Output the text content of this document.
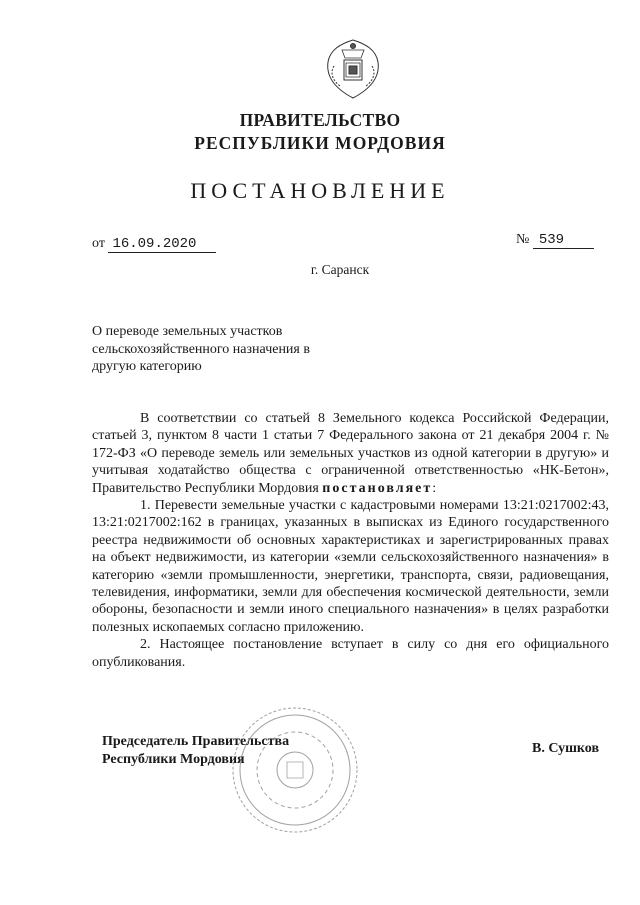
ПРАВИТЕЛЬСТВО
РЕСПУБЛИКИ МОРДОВИЯ
ПОСТАНОВЛЕНИЕ
от 16.09.2020	№ 539
г. Саранск
О переводе земельных участков
сельскохозяйственного назначения в
другую категорию

В соответствии со статьей 8 Земельного кодекса Российской Федерации, статьей 3, пунктом 8 части 1 статьи 7 Федерального закона от 21 декабря 2004 г. № 172-ФЗ «О переводе земель или земельных участков из одной категории в другую» и учитывая ходатайство общества с ограниченной ответственностью «НК-Бетон», Правительство Республики Мордовия постановляет:

1. Перевести земельные участки с кадастровыми номерами 13:21:0217002:43, 13:21:0217002:162 в границах, указанных в выписках из Единого государственного реестра недвижимости об основных характеристиках и зарегистрированных правах на объект недвижимости, из категории «земли сельскохозяйственного назначения» в категорию «земли промышленности, энергетики, транспорта, связи, радиовещания, телевидения, информатики, земли для обеспечения космической деятельности, земли обороны, безопасности и земли иного специального назначения» в целях разработки полезных ископаемых согласно приложению.

2. Настоящее постановление вступает в силу со дня его официального опубликования.

Председатель Правительства
Республики Мордовия
В. Сушков
